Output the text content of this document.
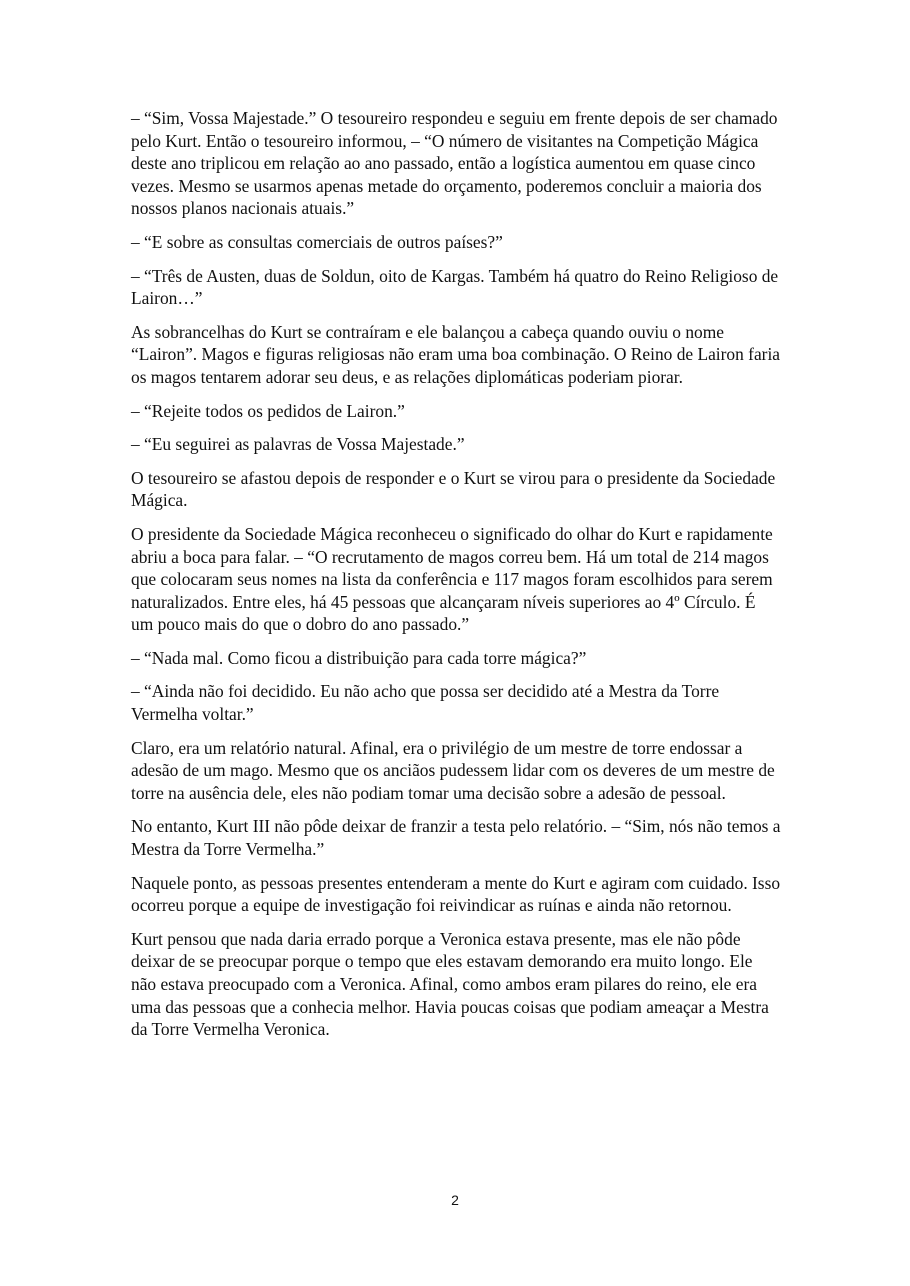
– “Sim, Vossa Majestade.” O tesoureiro respondeu e seguiu em frente depois de ser chamado pelo Kurt. Então o tesoureiro informou, – “O número de visitantes na Competição Mágica deste ano triplicou em relação ao ano passado, então a logística aumentou em quase cinco vezes. Mesmo se usarmos apenas metade do orçamento, poderemos concluir a maioria dos nossos planos nacionais atuais.”

– “E sobre as consultas comerciais de outros países?”

– “Três de Austen, duas de Soldun, oito de Kargas. Também há quatro do Reino Religioso de Lairon…”

As sobrancelhas do Kurt se contraíram e ele balançou a cabeça quando ouviu o nome “Lairon”. Magos e figuras religiosas não eram uma boa combinação. O Reino de Lairon faria os magos tentarem adorar seu deus, e as relações diplomáticas poderiam piorar.

– “Rejeite todos os pedidos de Lairon.”

– “Eu seguirei as palavras de Vossa Majestade.”

O tesoureiro se afastou depois de responder e o Kurt se virou para o presidente da Sociedade Mágica.

O presidente da Sociedade Mágica reconheceu o significado do olhar do Kurt e rapidamente abriu a boca para falar. – “O recrutamento de magos correu bem. Há um total de 214 magos que colocaram seus nomes na lista da conferência e 117 magos foram escolhidos para serem naturalizados. Entre eles, há 45 pessoas que alcançaram níveis superiores ao 4º Círculo. É um pouco mais do que o dobro do ano passado.”

– “Nada mal. Como ficou a distribuição para cada torre mágica?”

– “Ainda não foi decidido. Eu não acho que possa ser decidido até a Mestra da Torre Vermelha voltar.”

Claro, era um relatório natural. Afinal, era o privilégio de um mestre de torre endossar a adesão de um mago. Mesmo que os anciãos pudessem lidar com os deveres de um mestre de torre na ausência dele, eles não podiam tomar uma decisão sobre a adesão de pessoal.

No entanto, Kurt III não pôde deixar de franzir a testa pelo relatório. – “Sim, nós não temos a Mestra da Torre Vermelha.”

Naquele ponto, as pessoas presentes entenderam a mente do Kurt e agiram com cuidado. Isso ocorreu porque a equipe de investigação foi reivindicar as ruínas e ainda não retornou.

Kurt pensou que nada daria errado porque a Veronica estava presente, mas ele não pôde deixar de se preocupar porque o tempo que eles estavam demorando era muito longo. Ele não estava preocupado com a Veronica. Afinal, como ambos eram pilares do reino, ele era uma das pessoas que a conhecia melhor. Havia poucas coisas que podiam ameaçar a Mestra da Torre Vermelha Veronica.

2
